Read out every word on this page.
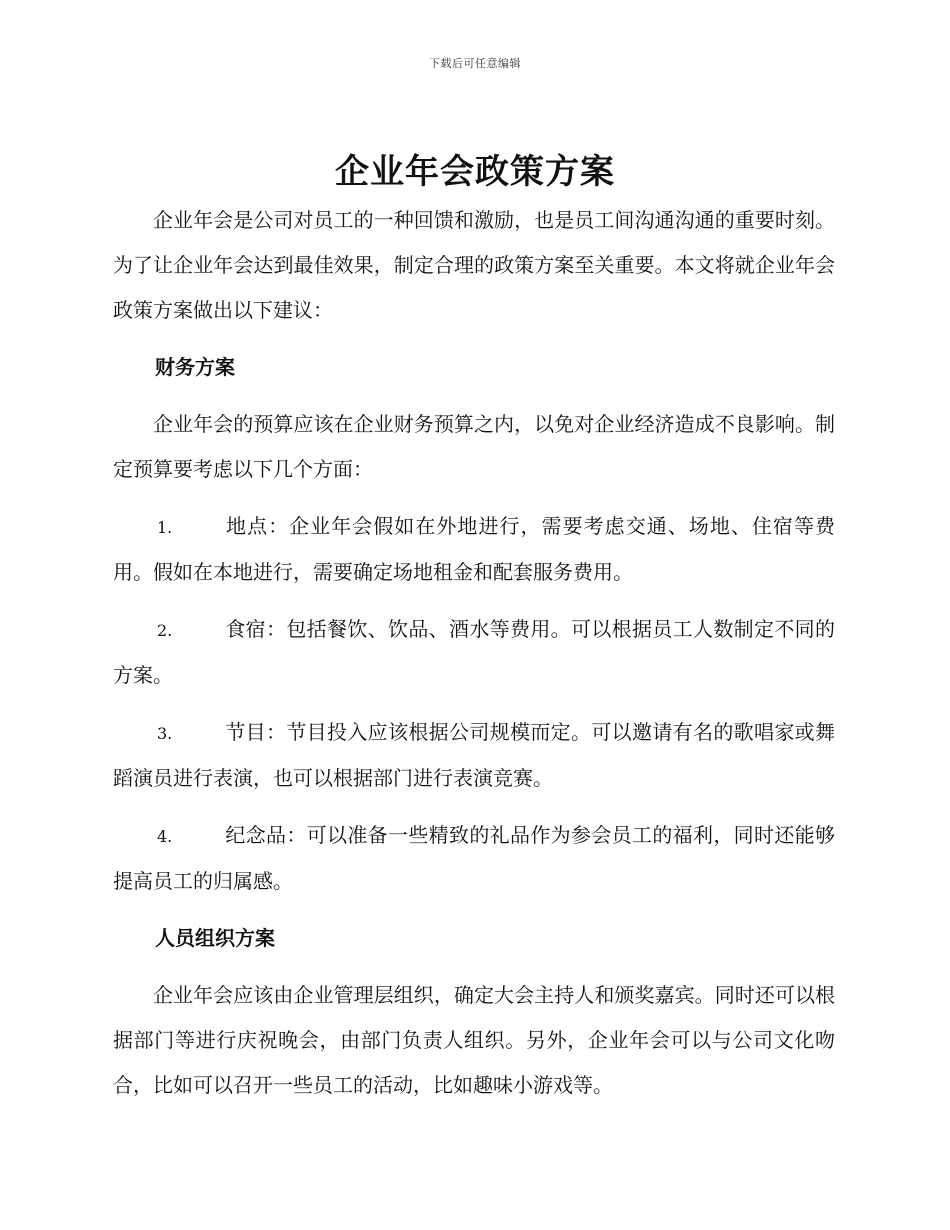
下载后可任意编辑
企业年会政策方案

企业年会是公司对员工的一种回馈和激励，也是员工间沟通沟通的重要时刻。为了让企业年会达到最佳效果，制定合理的政策方案至关重要。本文将就企业年会政策方案做出以下建议：

财务方案

企业年会的预算应该在企业财务预算之内，以免对企业经济造成不良影响。制定预算要考虑以下几个方面：

1.	地点：企业年会假如在外地进行，需要考虑交通、场地、住宿等费用。假如在本地进行，需要确定场地租金和配套服务费用。
2.	食宿：包括餐饮、饮品、酒水等费用。可以根据员工人数制定不同的方案。
3.	节目：节目投入应该根据公司规模而定。可以邀请有名的歌唱家或舞蹈演员进行表演，也可以根据部门进行表演竞赛。
4.	纪念品：可以准备一些精致的礼品作为参会员工的福利，同时还能够提高员工的归属感。
人员组织方案

企业年会应该由企业管理层组织，确定大会主持人和颁奖嘉宾。同时还可以根据部门等进行庆祝晚会，由部门负责人组织。另外，企业年会可以与公司文化吻合，比如可以召开一些员工的活动，比如趣味小游戏等。
